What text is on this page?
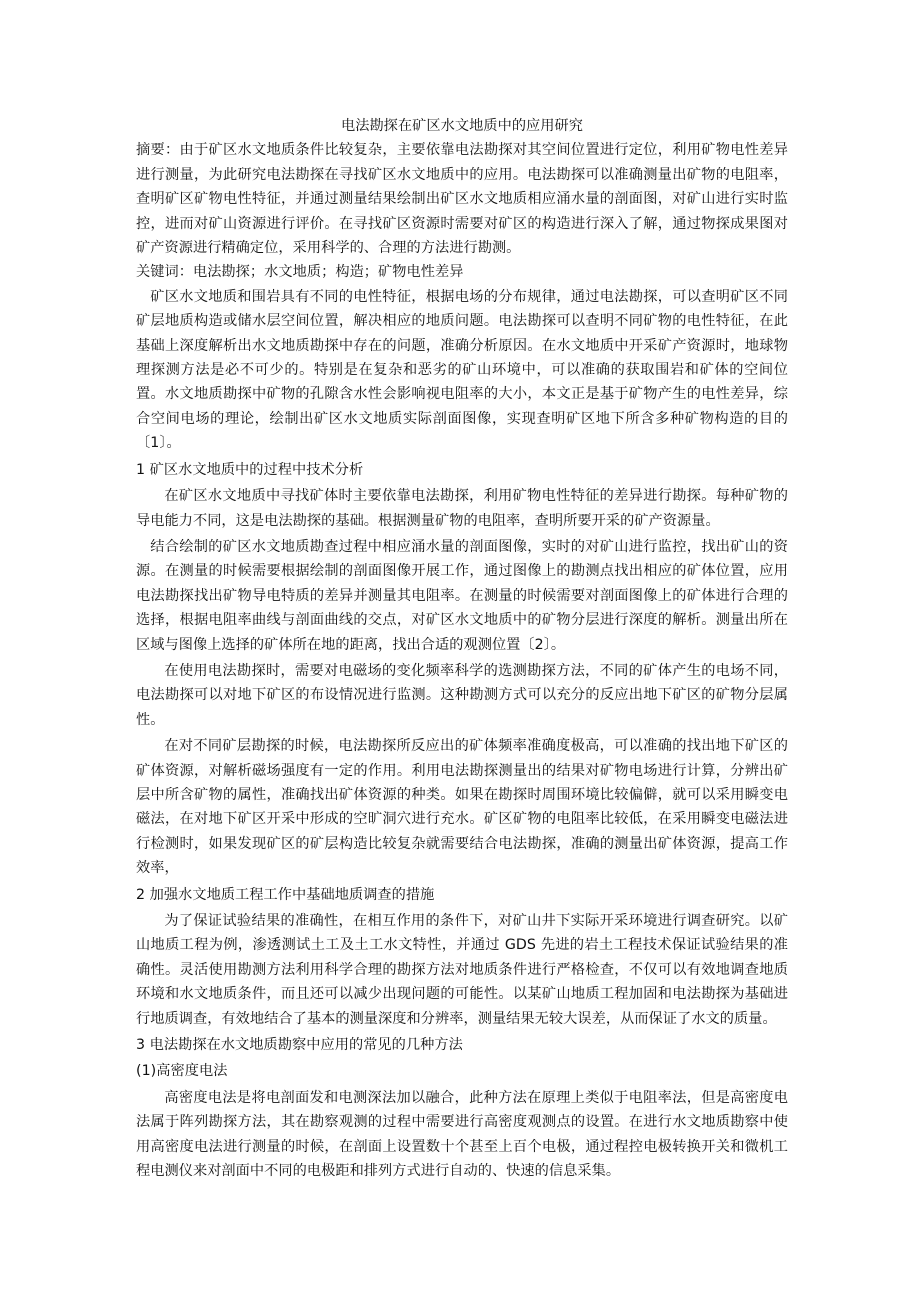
电法勘探在矿区水文地质中的应用研究

摘要：由于矿区水文地质条件比较复杂，主要依靠电法勘探对其空间位置进行定位，利用矿物电性差异进行测量，为此研究电法勘探在寻找矿区水文地质中的应用。电法勘探可以准确测量出矿物的电阻率，查明矿区矿物电性特征，并通过测量结果绘制出矿区水文地质相应涌水量的剖面图，对矿山进行实时监控，进而对矿山资源进行评价。在寻找矿区资源时需要对矿区的构造进行深入了解，通过物探成果图对矿产资源进行精确定位，采用科学的、合理的方法进行勘测。

关键词：电法勘探；水文地质；构造；矿物电性差异

矿区水文地质和围岩具有不同的电性特征，根据电场的分布规律，通过电法勘探，可以查明矿区不同矿层地质构造或储水层空间位置，解决相应的地质问题。电法勘探可以查明不同矿物的电性特征，在此基础上深度解析出水文地质勘探中存在的问题，准确分析原因。在水文地质中开采矿产资源时，地球物理探测方法是必不可少的。特别是在复杂和恶劣的矿山环境中，可以准确的获取围岩和矿体的空间位置。水文地质勘探中矿物的孔隙含水性会影响视电阻率的大小，本文正是基于矿物产生的电性差异，综合空间电场的理论，绘制出矿区水文地质实际剖面图像，实现查明矿区地下所含多种矿物构造的目的〔1〕。

1 矿区水文地质中的过程中技术分析

在矿区水文地质中寻找矿体时主要依靠电法勘探，利用矿物电性特征的差异进行勘探。每种矿物的导电能力不同，这是电法勘探的基础。根据测量矿物的电阻率，查明所要开采的矿产资源量。

结合绘制的矿区水文地质勘查过程中相应涌水量的剖面图像，实时的对矿山进行监控，找出矿山的资源。在测量的时候需要根据绘制的剖面图像开展工作，通过图像上的勘测点找出相应的矿体位置，应用电法勘探找出矿物导电特质的差异并测量其电阻率。在测量的时候需要对剖面图像上的矿体进行合理的选择，根据电阻率曲线与剖面曲线的交点，对矿区水文地质中的矿物分层进行深度的解析。测量出所在区域与图像上选择的矿体所在地的距离，找出合适的观测位置〔2〕。

在使用电法勘探时，需要对电磁场的变化频率科学的选测勘探方法，不同的矿体产生的电场不同，电法勘探可以对地下矿区的布设情况进行监测。这种勘测方式可以充分的反应出地下矿区的矿物分层属性。

在对不同矿层勘探的时候，电法勘探所反应出的矿体频率准确度极高，可以准确的找出地下矿区的矿体资源，对解析磁场强度有一定的作用。利用电法勘探测量出的结果对矿物电场进行计算，分辨出矿层中所含矿物的属性，准确找出矿体资源的种类。如果在勘探时周围环境比较偏僻，就可以采用瞬变电磁法，在对地下矿区开采中形成的空旷洞穴进行充水。矿区矿物的电阻率比较低，在采用瞬变电磁法进行检测时，如果发现矿区的矿层构造比较复杂就需要结合电法勘探，准确的测量出矿体资源，提高工作效率，

2 加强水文地质工程工作中基础地质调查的措施

为了保证试验结果的准确性，在相互作用的条件下，对矿山井下实际开采环境进行调查研究。以矿山地质工程为例，渗透测试土工及土工水文特性，并通过 GDS 先进的岩土工程技术保证试验结果的准确性。灵活使用勘测方法利用科学合理的勘探方法对地质条件进行严格检查，不仅可以有效地调查地质环境和水文地质条件，而且还可以减少出现问题的可能性。以某矿山地质工程加固和电法勘探为基础进行地质调查，有效地结合了基本的测量深度和分辨率，测量结果无较大误差，从而保证了水文的质量。

3 电法勘探在水文地质勘察中应用的常见的几种方法

(1)高密度电法

高密度电法是将电剖面发和电测深法加以融合，此种方法在原理上类似于电阻率法，但是高密度电法属于阵列勘探方法，其在勘察观测的过程中需要进行高密度观测点的设置。在进行水文地质勘察中使用高密度电法进行测量的时候，在剖面上设置数十个甚至上百个电极，通过程控电极转换开关和微机工程电测仪来对剖面中不同的电极距和排列方式进行自动的、快速的信息采集。
